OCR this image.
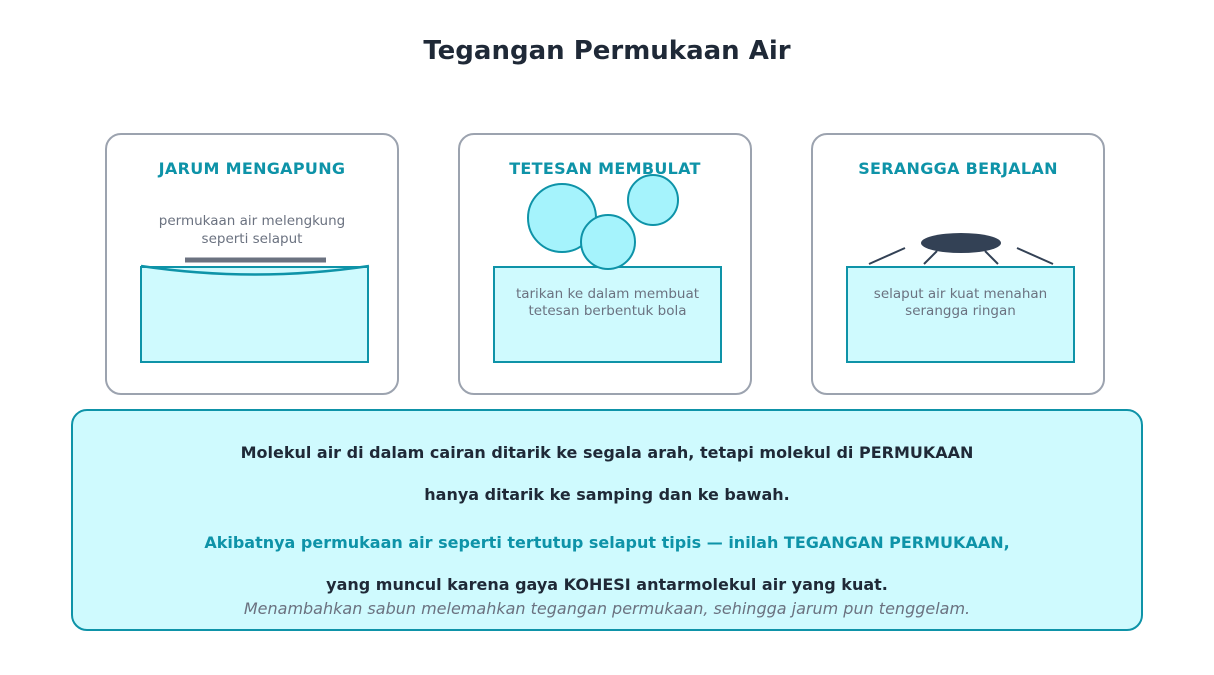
Tegangan Permukaan Air
JARUM MENGAPUNG
permukaan air melengkung
seperti selaput
tarikan ke dalam membuat
tetesan berbentuk bola
TETESAN MEMBULAT	SERANGGA BERJALAN
selaput air kuat menahan
serangga ringan
Molekul air di dalam cairan ditarik ke segala arah, tetapi molekul di PERMUKAAN
hanya ditarik ke samping dan ke bawah.
Akibatnya permukaan air seperti tertutup selaput tipis — inilah TEGANGAN PERMUKAAN,
yang muncul karena gaya KOHESI antarmolekul air yang kuat.
Menambahkan sabun melemahkan tegangan permukaan, sehingga jarum pun tenggelam.
